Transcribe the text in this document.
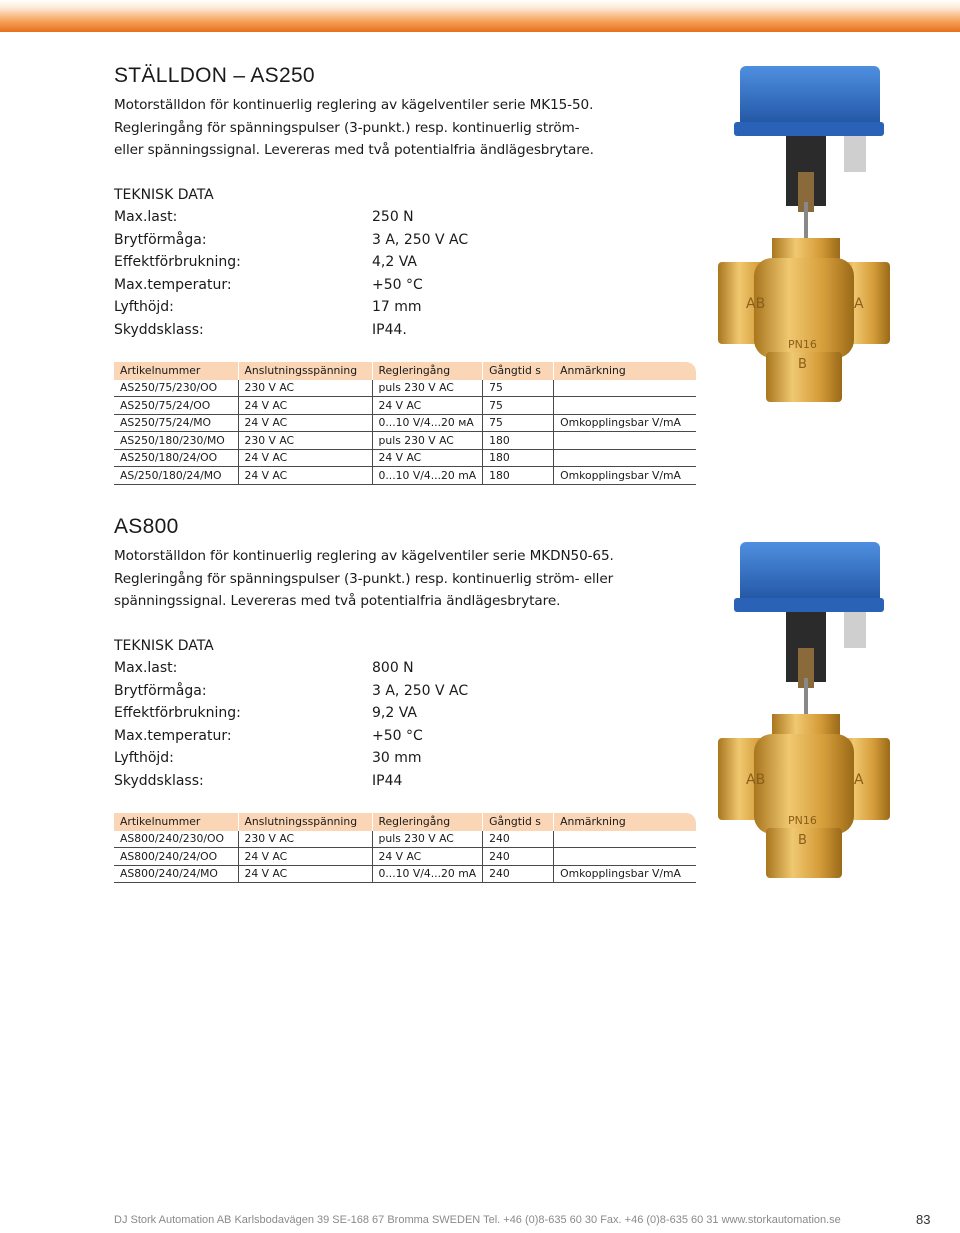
STÄLLDON – AS250

Motorställdon för kontinuerlig reglering av kägelventiler serie MK15-50.
Regleringång för spänningspulser (3-punkt.) resp. kontinuerlig ström-
eller spänningssignal. Levereras med två potentialfria ändlägesbrytare.

TEKNISK DATA
Max.last:	250 N
Brytförmåga:	3 A, 250 V AC
Effektförbrukning:	4,2 VA
Max.temperatur:	+50 °C
Lyfthöjd:	17 mm
Skyddsklass:	IP44.
Artikelnummer	Anslutningsspänning	Regleringång	Gångtid s	Anmärkning
AS250/75/230/OO	230 V AC	puls 230 V AC	75	
AS250/75/24/OO	24 V AC	24 V AC	75	
AS250/75/24/MO	24 V AC	0...10 V/4...20 мA	75	Omkopplingsbar V/mA
AS250/180/230/MO	230 V AC	puls 230 V AC	180	
AS250/180/24/OO	24 V AC	24 V AC	180	
AS/250/180/24/MO	24 V AC	0...10 V/4...20 mA	180	Omkopplingsbar V/mA
AB	A
PN16
B
AS800

Motorställdon för kontinuerlig reglering av kägelventiler serie MKDN50-65.
Regleringång för spänningspulser (3-punkt.) resp. kontinuerlig ström- eller
spänningssignal. Levereras med två potentialfria ändlägesbrytare.

TEKNISK DATA
Max.last:	800 N
Brytförmåga:	3 A, 250 V AC
Effektförbrukning:	9,2 VA
Max.temperatur:	+50 °C
Lyfthöjd:	30 mm
Skyddsklass:	IP44
Artikelnummer	Anslutningsspänning	Regleringång	Gångtid s	Anmärkning
AS800/240/230/OO	230 V AC	puls 230 V AC	240	
AS800/240/24/OO	24 V AC	24 V AC	240	
AS800/240/24/MO	24 V AC	0...10 V/4...20 mA	240	Omkopplingsbar V/mA
AB	A
PN16
B
DJ Stork Automation AB Karlsbodavägen 39 SE-168 67 Bromma SWEDEN Tel. +46 (0)8-635 60 30 Fax. +46 (0)8-635 60 31 www.storkautomation.se	83
